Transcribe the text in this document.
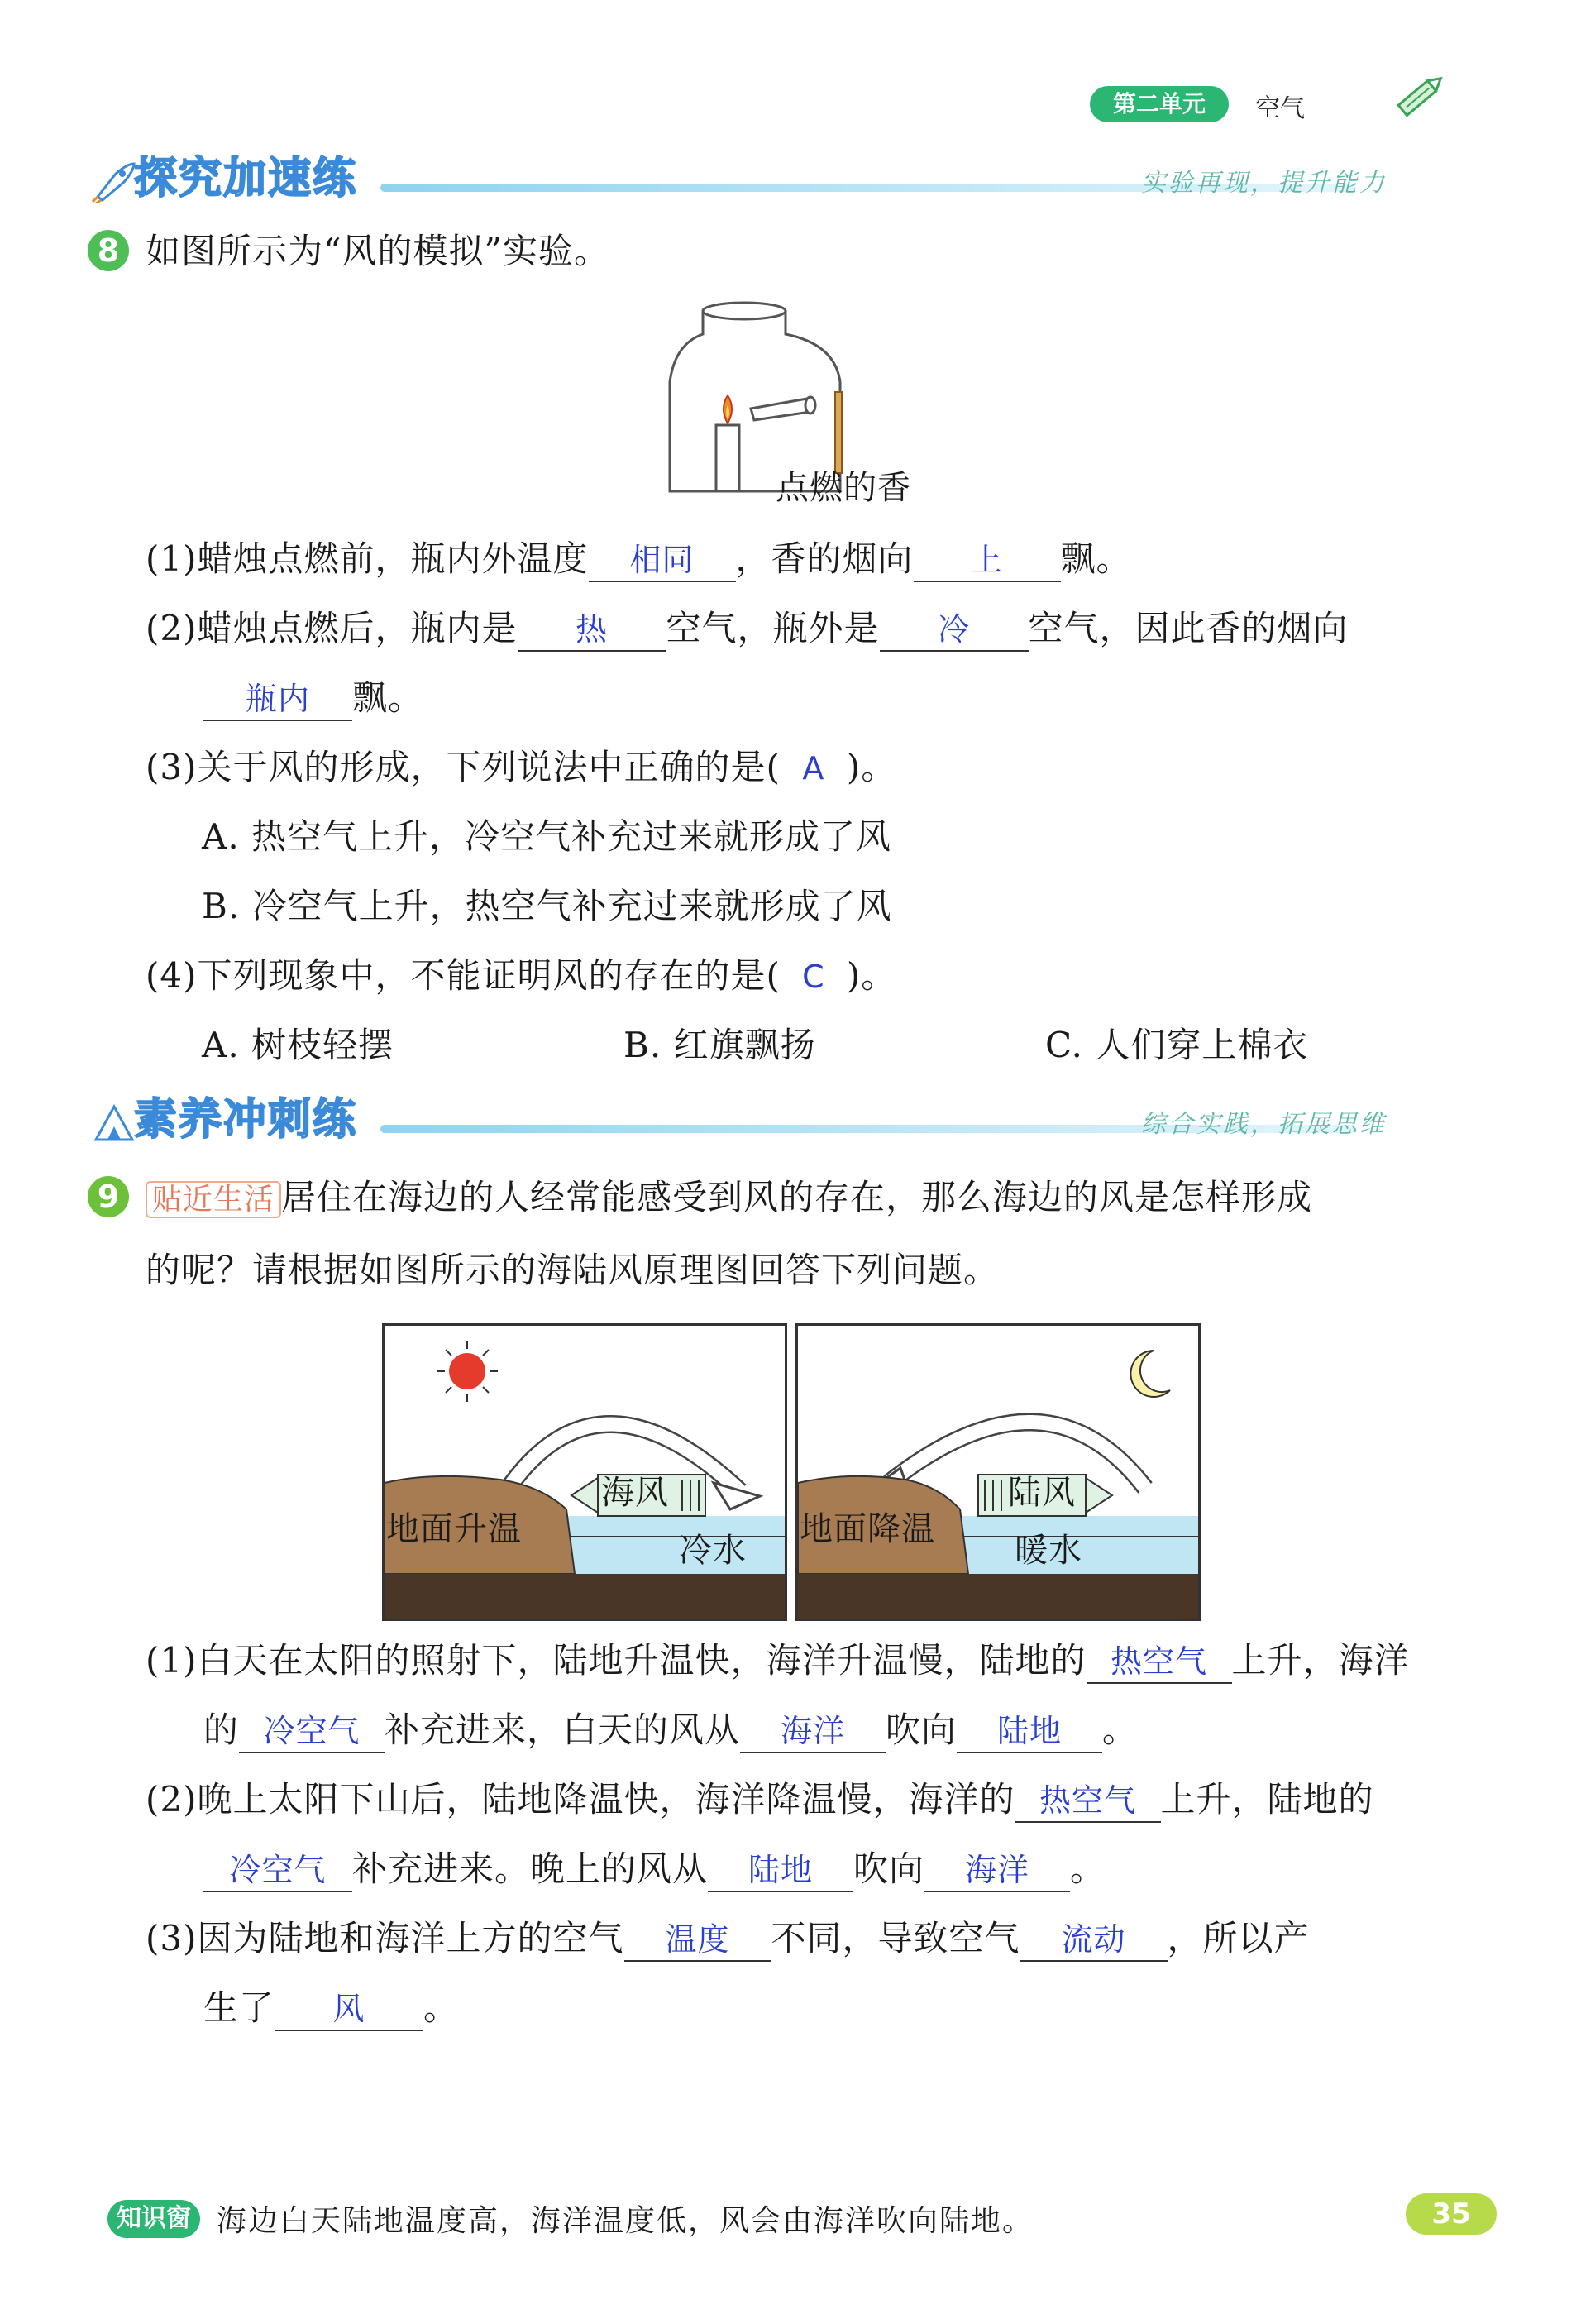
第二单元	空气
探究加速练	实验再现，提升能力
8 如图所示为“风的模拟”实验。
点燃的香
(1)蜡烛点燃前，瓶内外温度 相同 ，香的烟向 上 飘。
(2)蜡烛点燃后，瓶内是 热 空气，瓶外是 冷 空气，因此香的烟向
瓶内 飘。
(3)关于风的形成，下列说法中正确的是( A )。
A. 热空气上升，冷空气补充过来就形成了风
B. 冷空气上升，热空气补充过来就形成了风
(4)下列现象中，不能证明风的存在的是( C )。
A. 树枝轻摆	B. 红旗飘扬	C. 人们穿上棉衣
素养冲刺练	综合实践，拓展思维
9	贴近生活 居住在海边的人经常能感受到风的存在，那么海边的风是怎样形成
的呢？请根据如图所示的海陆风原理图回答下列问题。
海风
地面升温
冷水
陆风
地面降温
暖水
(1)白天在太阳的照射下，陆地升温快，海洋升温慢，陆地的 热空气 上升，海洋
的 冷空气 补充进来，白天的风从 海洋 吹向 陆地 。
(2)晚上太阳下山后，陆地降温快，海洋降温慢，海洋的 热空气 上升，陆地的
冷空气 补充进来。晚上的风从 陆地 吹向 海洋 。
(3)因为陆地和海洋上方的空气 温度 不同，导致空气 流动 ，所以产
生了 风 。
知识窗 海边白天陆地温度高，海洋温度低，风会由海洋吹向陆地。	35
